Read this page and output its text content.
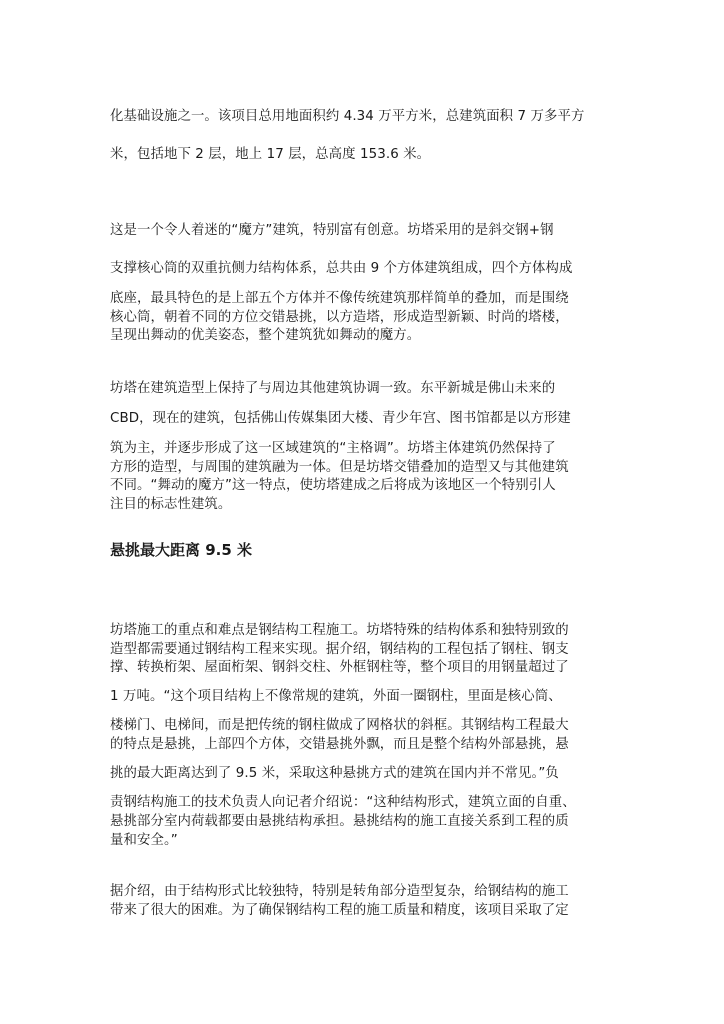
化基础设施之一。该项目总用地面积约 4.34 万平方米，总建筑面积 7 万多平方
米，包括地下 2 层，地上 17 层，总高度 153.6 米。
这是一个令人着迷的“魔方”建筑，特别富有创意。坊塔采用的是斜交钢+钢
支撑核心筒的双重抗侧力结构体系，总共由 9 个方体建筑组成，四个方体构成
底座，最具特色的是上部五个方体并不像传统建筑那样简单的叠加，而是围绕
核心筒，朝着不同的方位交错悬挑，以方造塔，形成造型新颖、时尚的塔楼，
呈现出舞动的优美姿态，整个建筑犹如舞动的魔方。
坊塔在建筑造型上保持了与周边其他建筑协调一致。东平新城是佛山未来的
CBD，现在的建筑，包括佛山传媒集团大楼、青少年宫、图书馆都是以方形建
筑为主，并逐步形成了这一区域建筑的“主格调”。坊塔主体建筑仍然保持了
方形的造型，与周围的建筑融为一体。但是坊塔交错叠加的造型又与其他建筑
不同。“舞动的魔方”这一特点，使坊塔建成之后将成为该地区一个特别引人
注目的标志性建筑。
悬挑最大距离 9.5 米
坊塔施工的重点和难点是钢结构工程施工。坊塔特殊的结构体系和独特别致的
造型都需要通过钢结构工程来实现。据介绍，钢结构的工程包括了钢柱、钢支
撑、转换桁架、屋面桁架、钢斜交柱、外框钢柱等，整个项目的用钢量超过了
1 万吨。“这个项目结构上不像常规的建筑，外面一圈钢柱，里面是核心筒、
楼梯门、电梯间，而是把传统的钢柱做成了网格状的斜框。其钢结构工程最大
的特点是悬挑，上部四个方体，交错悬挑外飘，而且是整个结构外部悬挑，悬
挑的最大距离达到了 9.5 米，采取这种悬挑方式的建筑在国内并不常见。”负
责钢结构施工的技术负责人向记者介绍说：“这种结构形式，建筑立面的自重、
悬挑部分室内荷载都要由悬挑结构承担。悬挑结构的施工直接关系到工程的质
量和安全。”
据介绍，由于结构形式比较独特，特别是转角部分造型复杂，给钢结构的施工
带来了很大的困难。为了确保钢结构工程的施工质量和精度，该项目采取了定
